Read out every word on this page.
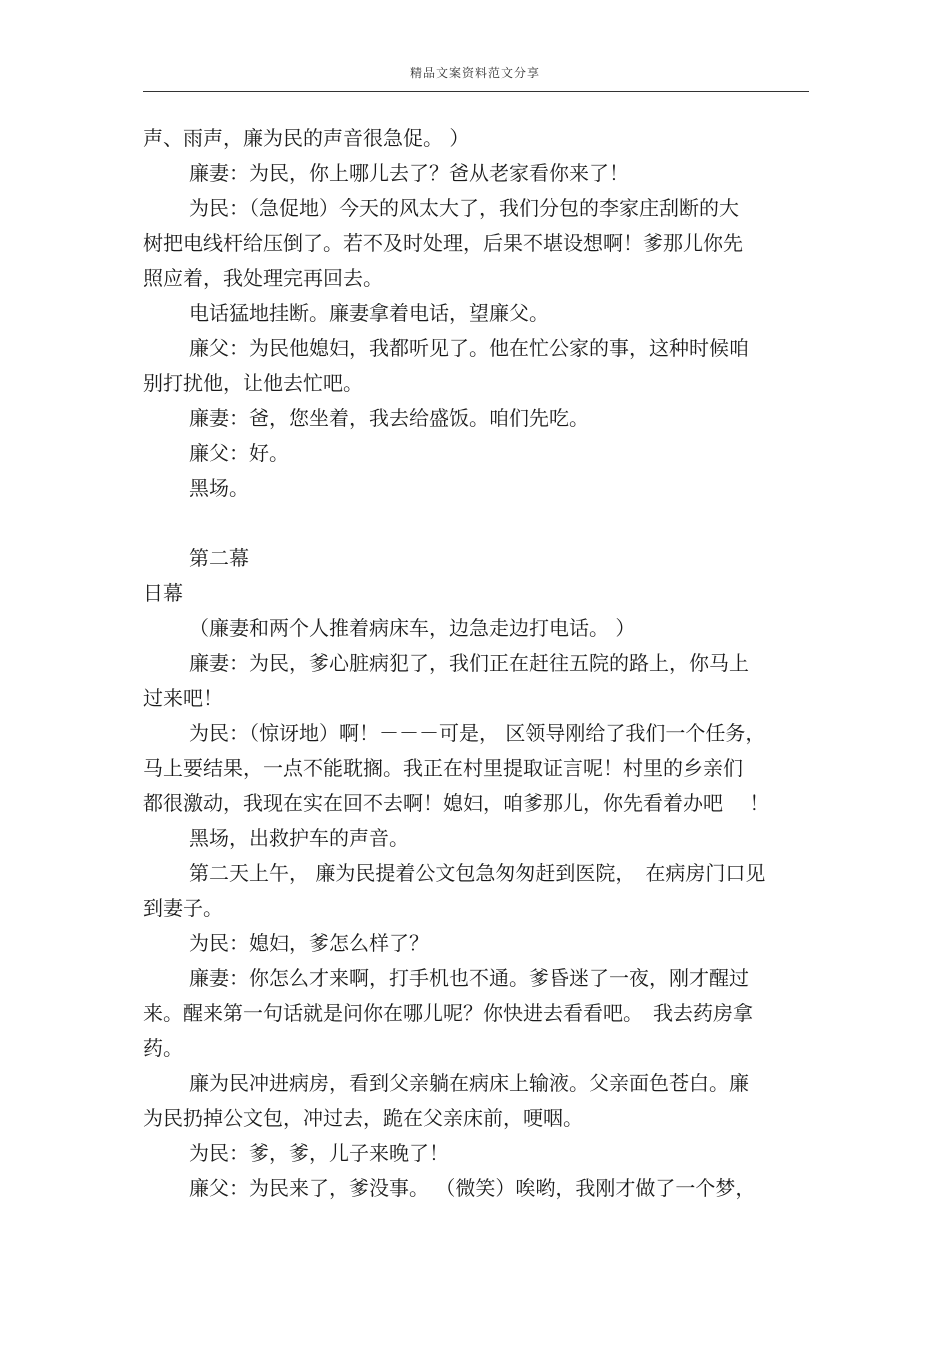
精品文案资料范文分享

声、雨声，廉为民的声音很急促。 ）

廉妻：为民，你上哪儿去了？爸从老家看你来了！

为民：（急促地）今天的风太大了，我们分包的李家庄刮断的大
树把电线杆给压倒了。若不及时处理，后果不堪设想啊！爹那儿你先
照应着，我处理完再回去。

电话猛地挂断。廉妻拿着电话，望廉父。

廉父：为民他媳妇，我都听见了。他在忙公家的事，这种时候咱
别打扰他，让他去忙吧。

廉妻：爸，您坐着，我去给盛饭。咱们先吃。

廉父：好。

黑场。

第二幕

日幕

（廉妻和两个人推着病床车，边急走边打电话。 ）

廉妻：为民，爹心脏病犯了，我们正在赶往五院的路上，你马上
过来吧！

为民：（惊讶地）啊！－－－可是， 区领导刚给了我们一个任务，
马上要结果，一点不能耽搁。我正在村里提取证言呢！村里的乡亲们
都很激动，我现在实在回不去啊！媳妇，咱爹那儿，你先看着办吧　 ！

黑场，出救护车的声音。

第二天上午， 廉为民提着公文包急匆匆赶到医院，　在病房门口见
到妻子。

为民：媳妇，爹怎么样了？

廉妻：你怎么才来啊，打手机也不通。爹昏迷了一夜，刚才醒过
来。醒来第一句话就是问你在哪儿呢？你快进去看看吧。　我去药房拿
药。

廉为民冲进病房，看到父亲躺在病床上输液。父亲面色苍白。廉
为民扔掉公文包，冲过去，跪在父亲床前，哽咽。

为民：爹，爹，儿子来晚了！

廉父：为民来了，爹没事。 （微笑）唉哟，我刚才做了一个梦，
